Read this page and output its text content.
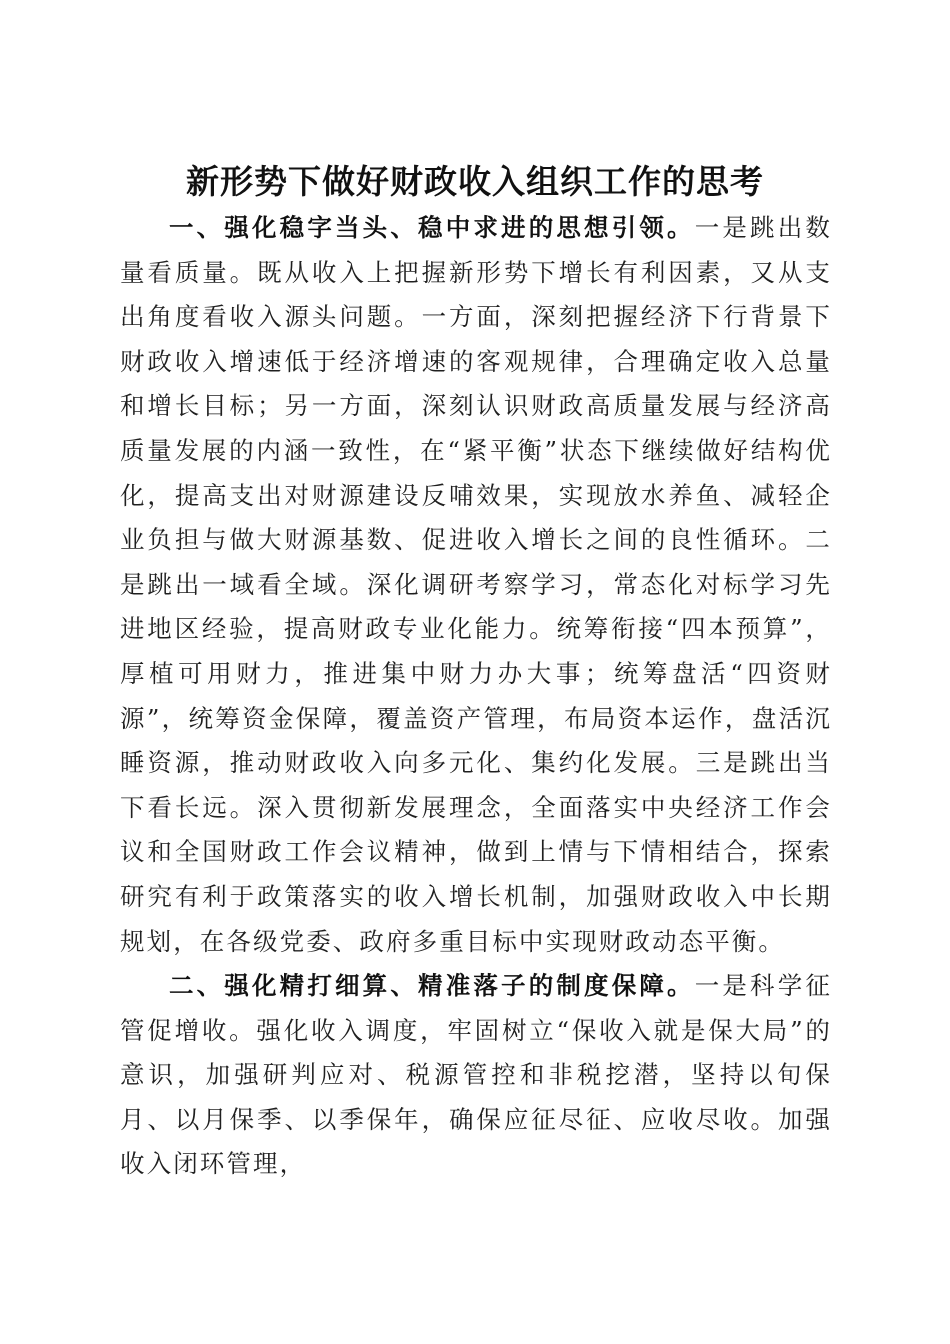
新形势下做好财政收入组织工作的思考

一、强化稳字当头、稳中求进的思想引领。一是跳出数量看质量。既从收入上把握新形势下增长有利因素，又从支出角度看收入源头问题。一方面，深刻把握经济下行背景下财政收入增速低于经济增速的客观规律，合理确定收入总量和增长目标；另一方面，深刻认识财政高质量发展与经济高质量发展的内涵一致性，在“紧平衡”状态下继续做好结构优化，提高支出对财源建设反哺效果，实现放水养鱼、减轻企业负担与做大财源基数、促进收入增长之间的良性循环。二是跳出一域看全域。深化调研考察学习，常态化对标学习先进地区经验，提高财政专业化能力。统筹衔接“四本预算”，厚植可用财力，推进集中财力办大事；统筹盘活“四资财源”，统筹资金保障，覆盖资产管理，布局资本运作，盘活沉睡资源，推动财政收入向多元化、集约化发展。三是跳出当下看长远。深入贯彻新发展理念，全面落实中央经济工作会议和全国财政工作会议精神，做到上情与下情相结合，探索研究有利于政策落实的收入增长机制，加强财政收入中长期规划，在各级党委、政府多重目标中实现财政动态平衡。

二、强化精打细算、精准落子的制度保障。一是科学征管促增收。强化收入调度，牢固树立“保收入就是保大局”的意识，加强研判应对、税源管控和非税挖潜，坚持以旬保月、以月保季、以季保年，确保应征尽征、应收尽收。加强收入闭环管理，
